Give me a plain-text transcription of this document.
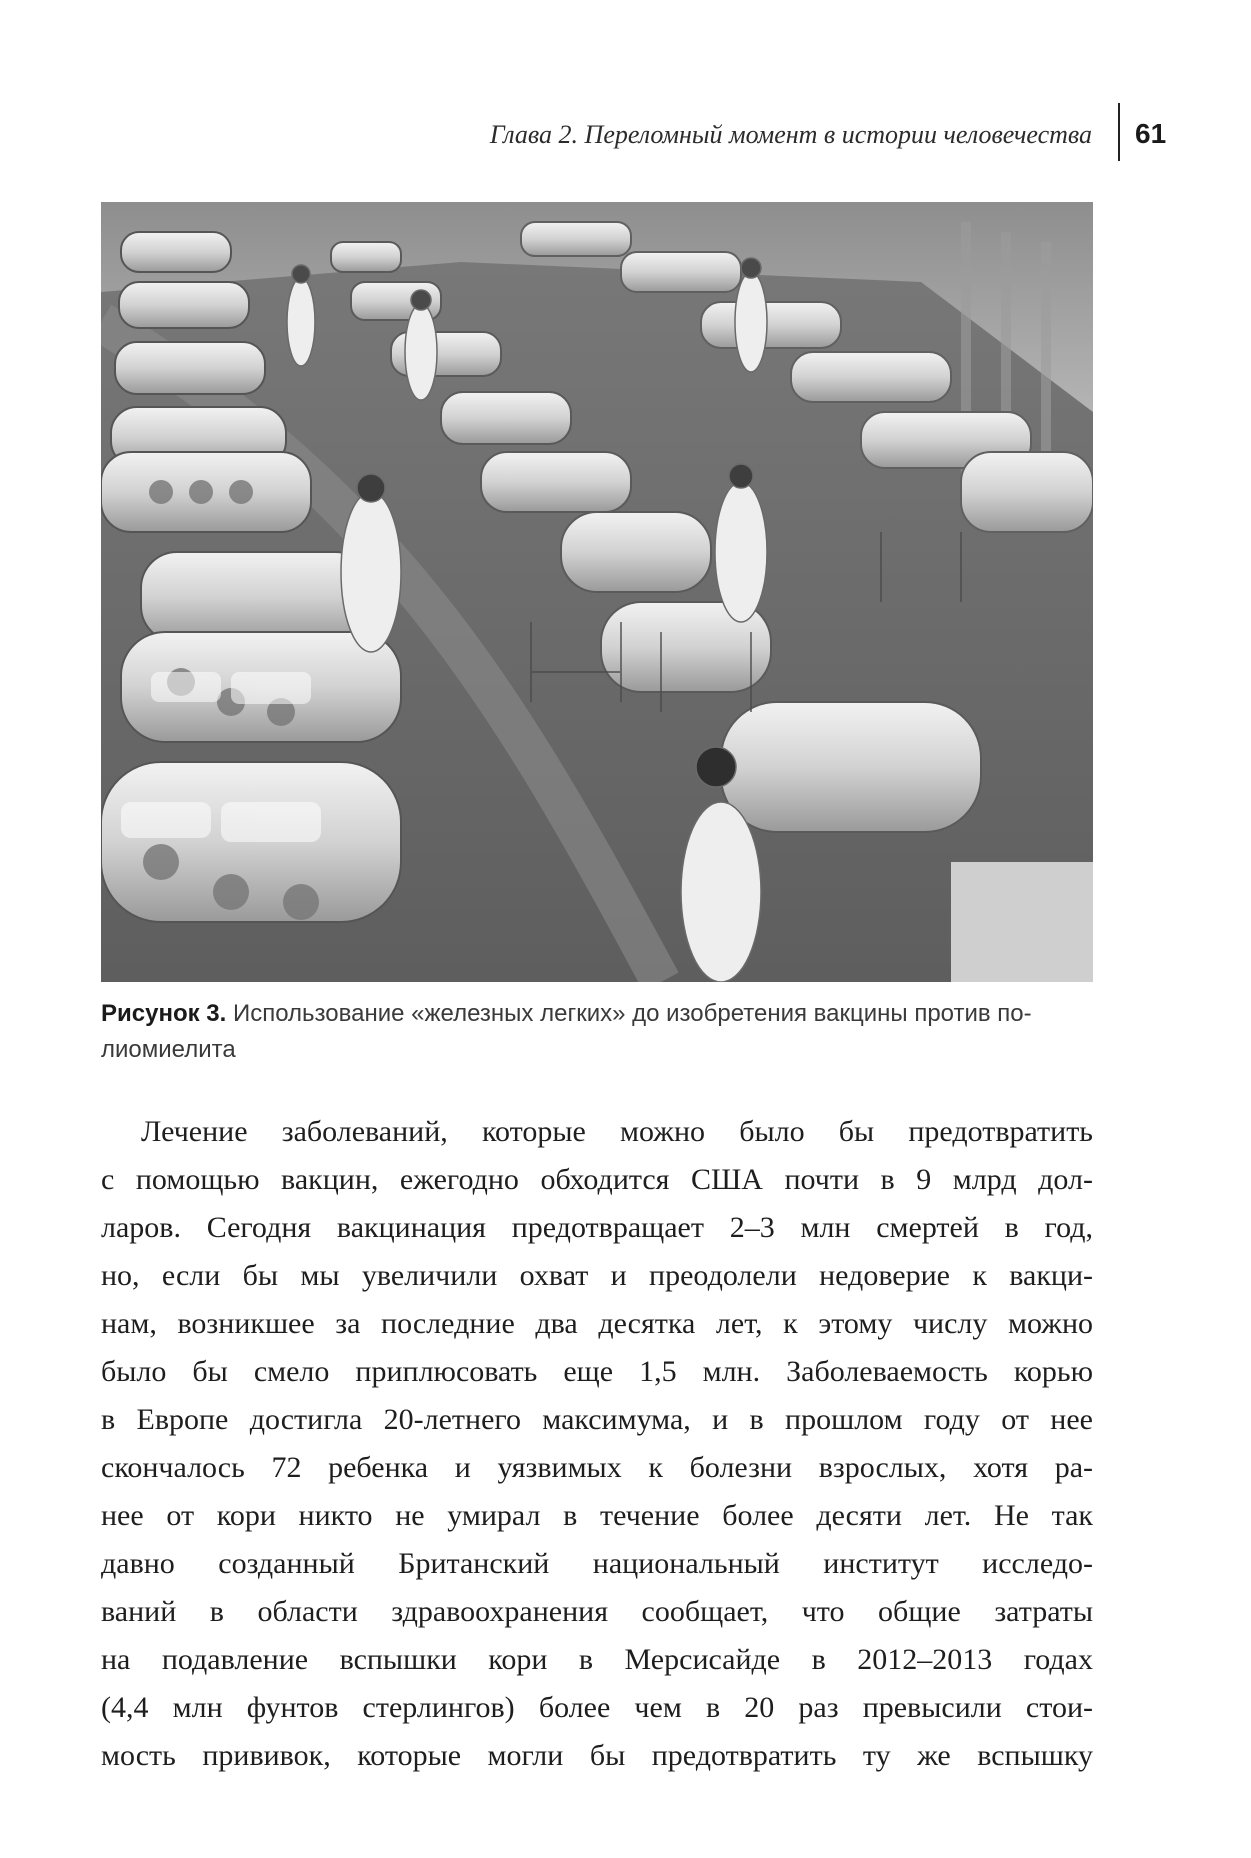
Глава 2. Переломный момент в истории человечества 61
Рисунок 3. Использование «железных легких» до изобретения вакцины против по-
лиомиелита
Лечение заболеваний, которые можно было бы предотвратить
с помощью вакцин, ежегодно обходится США почти в 9 млрд дол-
ларов. Сегодня вакцинация предотвращает 2–3 млн смертей в год,
но, если бы мы увеличили охват и преодолели недоверие к вакци-
нам, возникшее за последние два десятка лет, к этому числу можно
было бы смело приплюсовать еще 1,5 млн. Заболеваемость корью
в Европе достигла 20-летнего максимума, и в прошлом году от нее
скончалось 72 ребенка и уязвимых к болезни взрослых, хотя ра-
нее от кори никто не умирал в течение более десяти лет. Не так
давно созданный Британский национальный институт исследо-
ваний в области здравоохранения сообщает, что общие затраты
на подавление вспышки кори в Мерсисайде в 2012–2013 годах
(4,4 млн фунтов стерлингов) более чем в 20 раз превысили стои-
мость прививок, которые могли бы предотвратить ту же вспышку
